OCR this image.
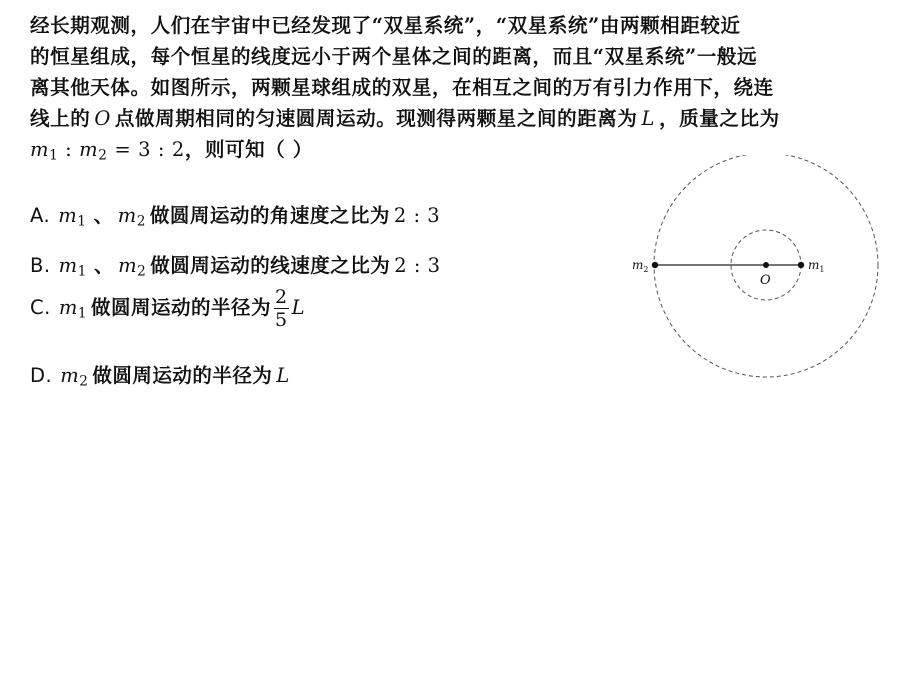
经长期观测，人们在宇宙中已经发现了“双星系统”，“双星系统”由两颗相距较近
的恒星组成，每个恒星的线度远小于两个星体之间的距离，而且“双星系统”一般远
离其他天体。如图所示，两颗星球组成的双星，在相互之间的万有引力作用下，绕连
线上的 O 点做周期相同的匀速圆周运动。现测得两颗星之间的距离为 L ，质量之比为
$m_1$ : $m_2 = 3$ : 2，则可知（ ）
A. $m_1$ 、 $m_2$ 做圆周运动的角速度之比为 2 : 3
B. $m_1$ 、 $m_2$ 做圆周运动的线速度之比为 2 : 3
C. $m_1$ 做圆周运动的半径为 $\frac{2}{5}$ L
D. $m_2$ 做圆周运动的半径为 L
$m_2$	$m_1$
O
